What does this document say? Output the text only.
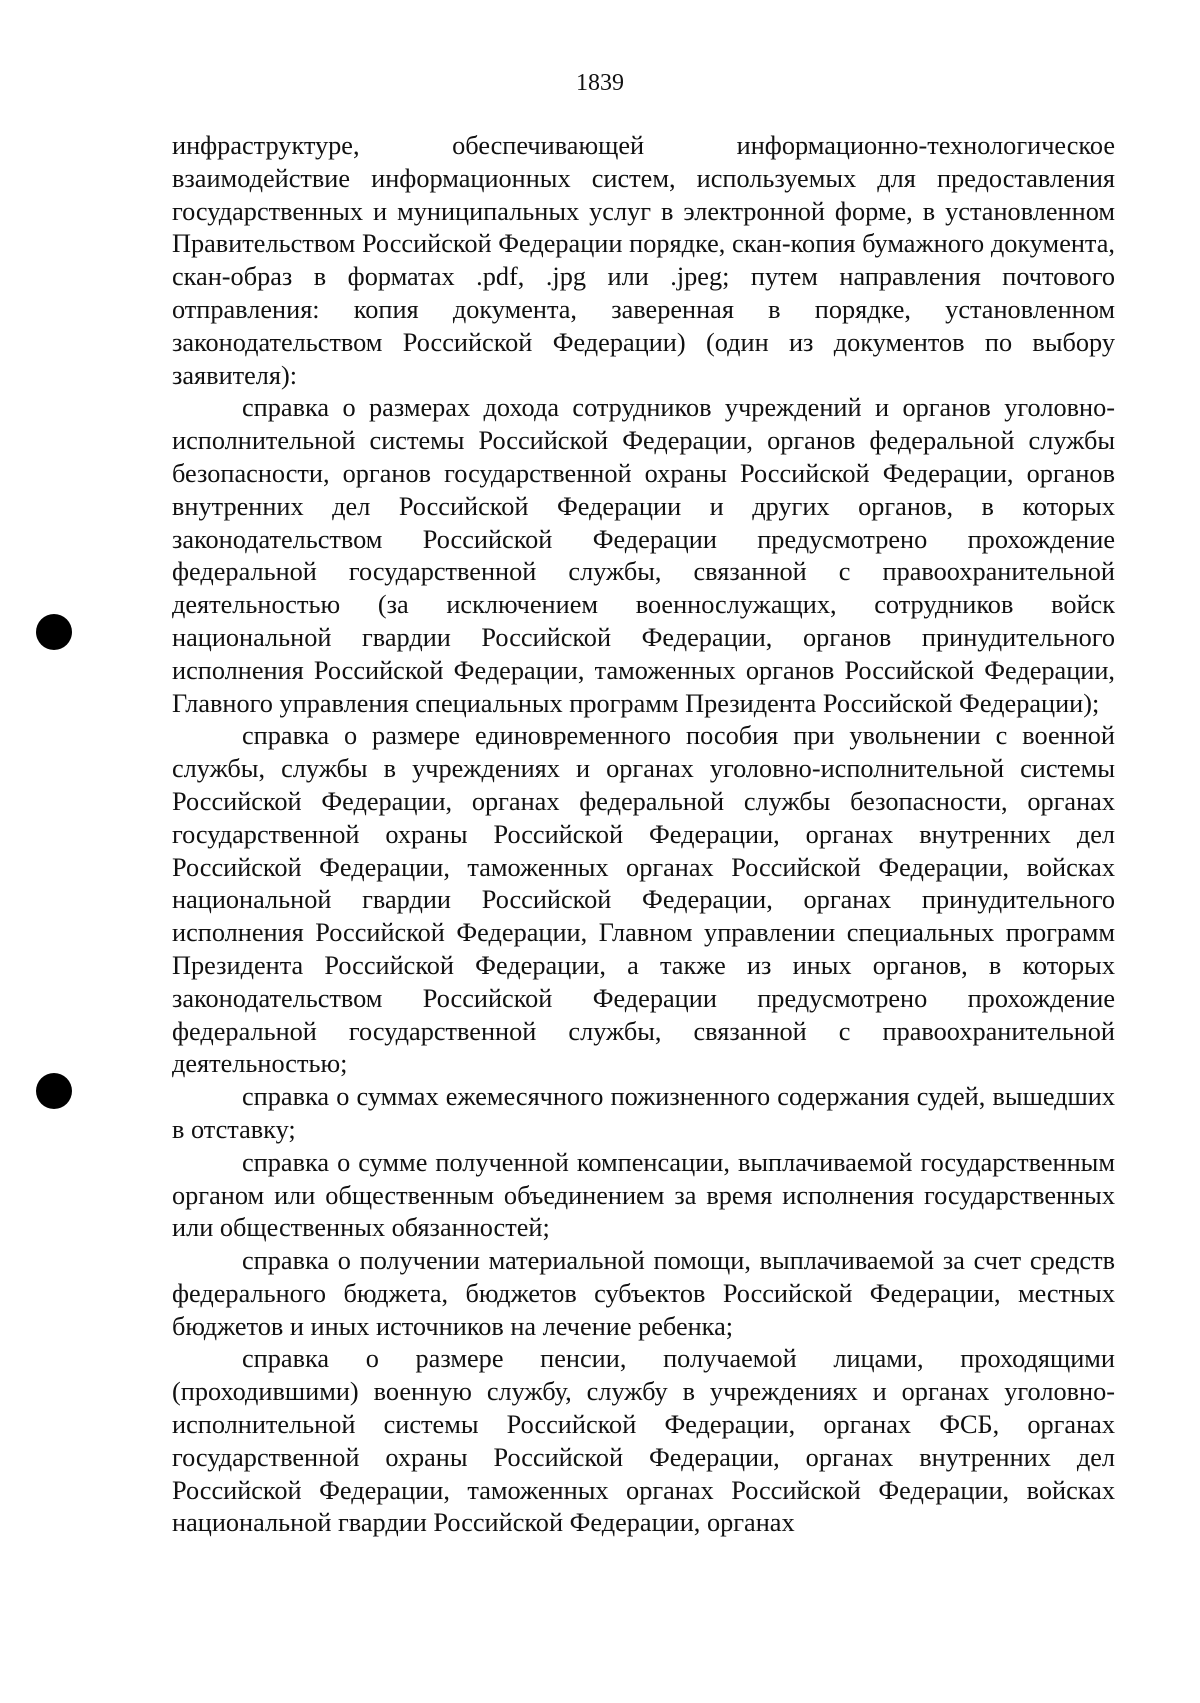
1839

инфраструктуре, обеспечивающей информационно-технологическое взаимодействие информационных систем, используемых для предоставления государственных и муниципальных услуг в электронной форме, в установленном Правительством Российской Федерации порядке, скан-копия бумажного документа, скан-образ в форматах .pdf, .jpg или .jpeg; путем направления почтового отправления: копия документа, заверенная в порядке, установленном законодательством Российской Федерации) (один из документов по выбору заявителя):

справка о размерах дохода сотрудников учреждений и органов уголовно-исполнительной системы Российской Федерации, органов федеральной службы безопасности, органов государственной охраны Российской Федерации, органов внутренних дел Российской Федерации и других органов, в которых законодательством Российской Федерации предусмотрено прохождение федеральной государственной службы, связанной с правоохранительной деятельностью (за исключением военнослужащих, сотрудников войск национальной гвардии Российской Федерации, органов принудительного исполнения Российской Федерации, таможенных органов Российской Федерации, Главного управления специальных программ Президента Российской Федерации);

справка о размере единовременного пособия при увольнении с военной службы, службы в учреждениях и органах уголовно-исполнительной системы Российской Федерации, органах федеральной службы безопасности, органах государственной охраны Российской Федерации, органах внутренних дел Российской Федерации, таможенных органах Российской Федерации, войсках национальной гвардии Российской Федерации, органах принудительного исполнения Российской Федерации, Главном управлении специальных программ Президента Российской Федерации, а также из иных органов, в которых законодательством Российской Федерации предусмотрено прохождение федеральной государственной службы, связанной с правоохранительной деятельностью;

справка о суммах ежемесячного пожизненного содержания судей, вышедших в отставку;

справка о сумме полученной компенсации, выплачиваемой государственным органом или общественным объединением за время исполнения государственных или общественных обязанностей;

справка о получении материальной помощи, выплачиваемой за счет средств федерального бюджета, бюджетов субъектов Российской Федерации, местных бюджетов и иных источников на лечение ребенка;

справка о размере пенсии, получаемой лицами, проходящими (проходившими) военную службу, службу в учреждениях и органах уголовно-исполнительной системы Российской Федерации, органах ФСБ, органах государственной охраны Российской Федерации, органах внутренних дел Российской Федерации, таможенных органах Российской Федерации, войсках национальной гвардии Российской Федерации, органах
